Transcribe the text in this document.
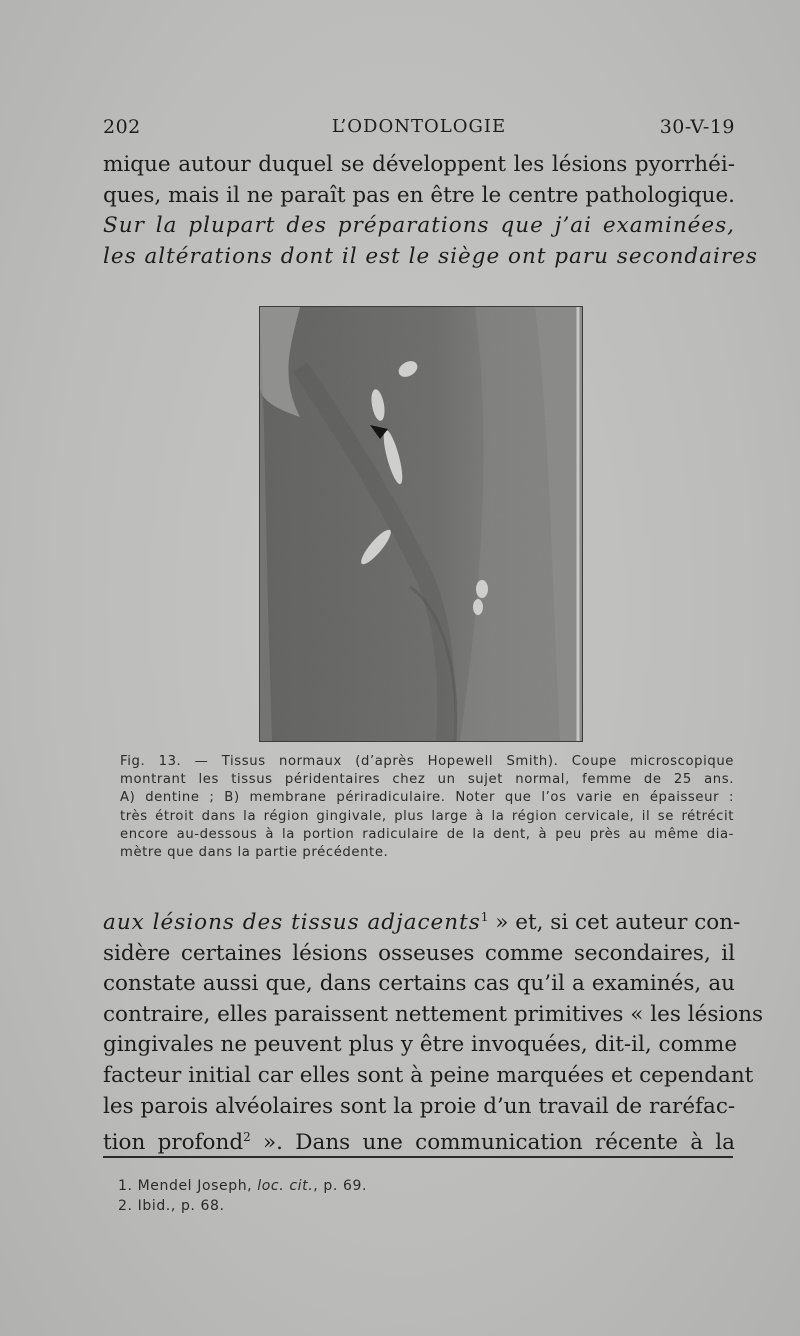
202	L’ODONTOLOGIE	30-V-19
mique autour duquel se développent les lésions pyorrhéi-
ques, mais il ne paraît pas en être le centre pathologique.
Sur la plupart des préparations que j’ai examinées,
les altérations dont il est le siège ont paru secondaires
Fig. 13. — Tissus normaux (d’après Hopewell Smith). Coupe microscopique
montrant les tissus péridentaires chez un sujet normal, femme de 25 ans.
A) dentine ; B) membrane périradiculaire. Noter que l’os varie en épaisseur :
très étroit dans la région gingivale, plus large à la région cervicale, il se rétrécit
encore au-dessous à la portion radiculaire de la dent, à peu près au même dia-
mètre que dans la partie précédente.
aux lésions des tissus adjacents$^1$ » et, si cet auteur con-
sidère certaines lésions osseuses comme secondaires, il
constate aussi que, dans certains cas qu’il a examinés, au
contraire, elles paraissent nettement primitives « les lésions
gingivales ne peuvent plus y être invoquées, dit-il, comme
facteur initial car elles sont à peine marquées et cependant
les parois alvéolaires sont la proie d’un travail de raréfac-
tion profond$^2$ ». Dans une communication récente à la
1. Mendel Joseph, loc. cit., p. 69.
2. Ibid., p. 68.
